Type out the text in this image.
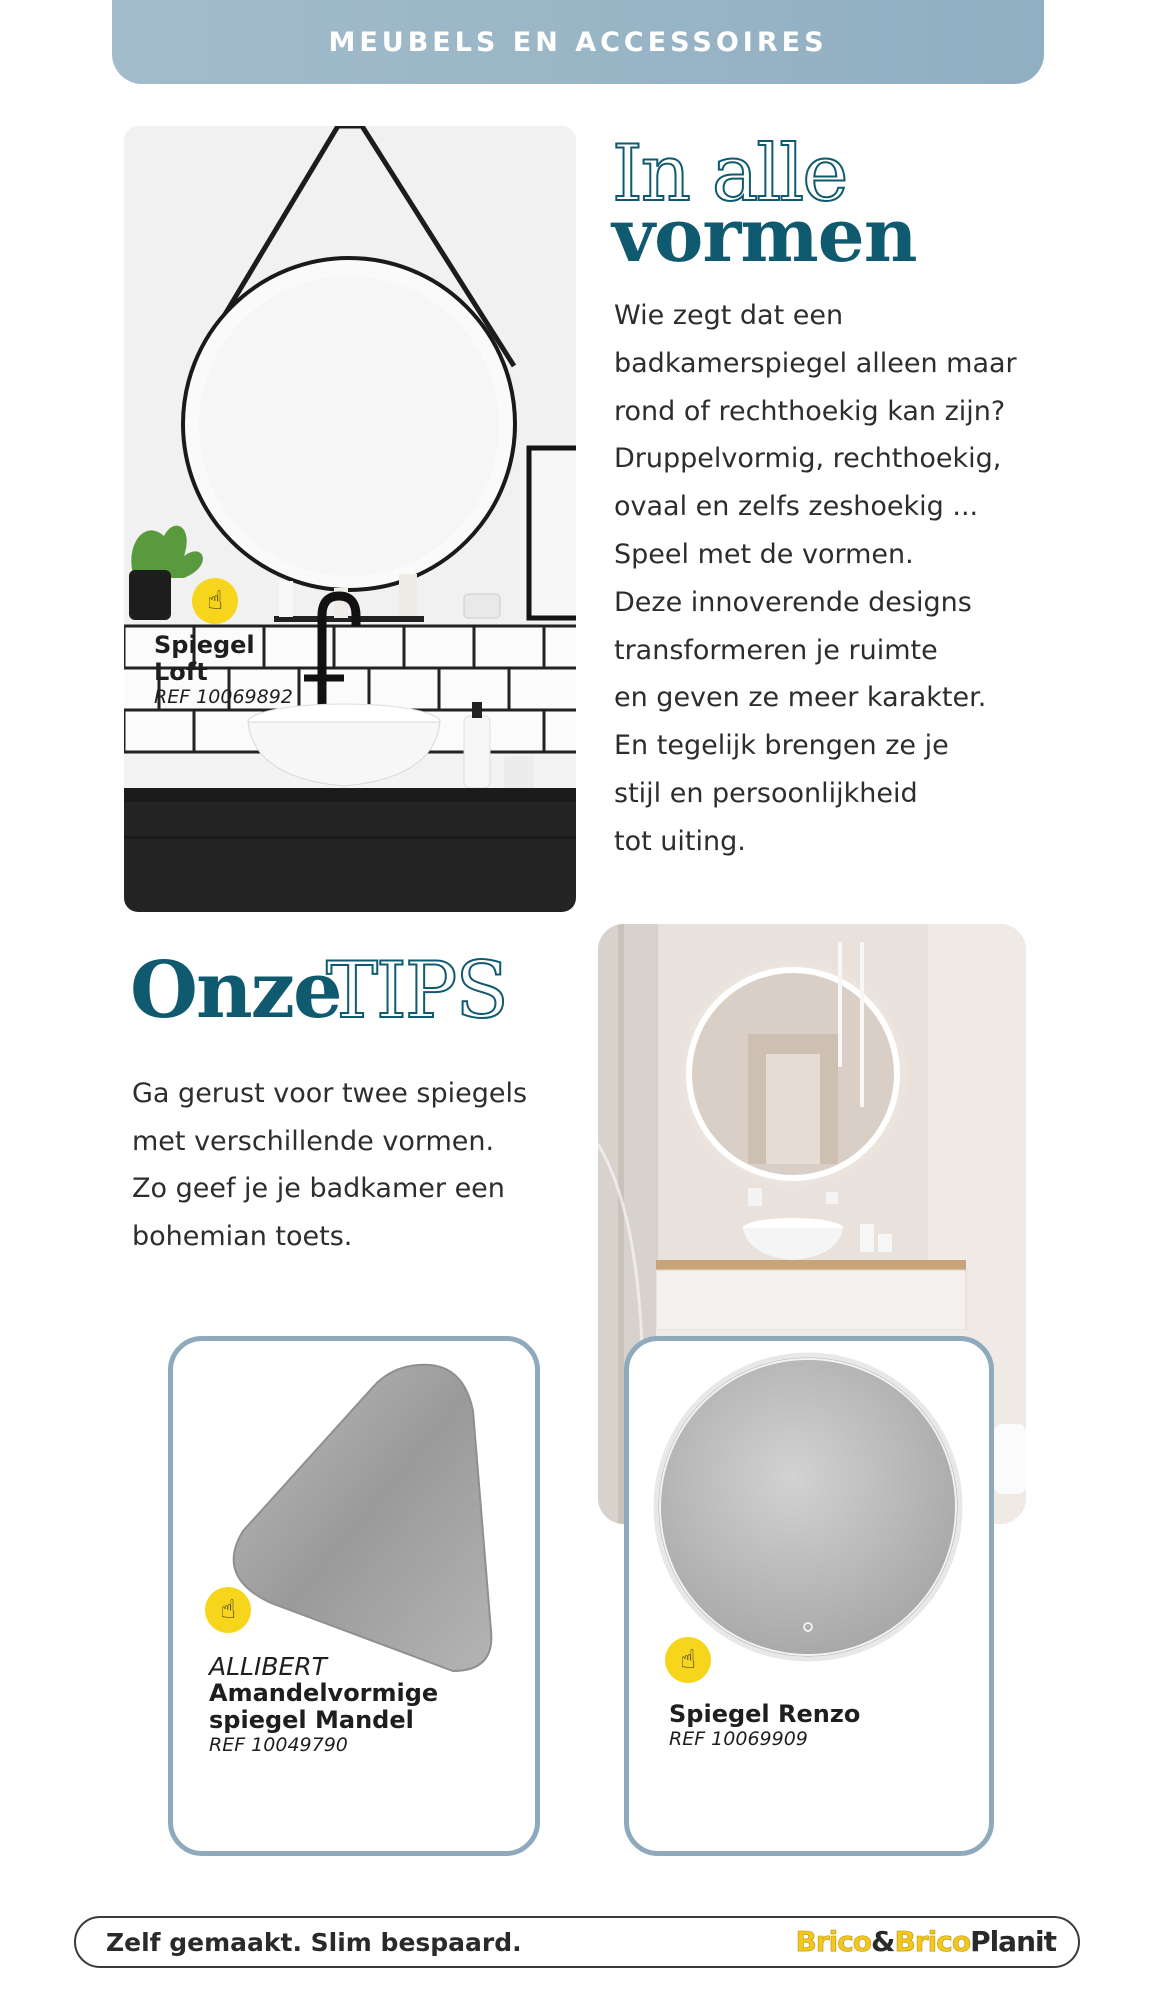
MEUBELS EN ACCESSOIRES
☝
Spiegel
Loft
REF 10069892
In alle
vormen
Wie zegt dat een
badkamerspiegel alleen maar
rond of rechthoekig kan zijn?
Druppelvormig, rechthoekig,
ovaal en zelfs zeshoekig ...
Speel met de vormen.
Deze innoverende designs
transformeren je ruimte
en geven ze meer karakter.
En tegelijk brengen ze je
stijl en persoonlijkheid
tot uiting.
Onze
TIPS
Ga gerust voor twee spiegels
met verschillende vormen.
Zo geef je je badkamer een
bohemian toets.
☝
ALLIBERT
Amandelvormige
spiegel Mandel
REF 10049790
☝
Spiegel Renzo
REF 10069909
Zelf gemaakt. Slim bespaard.	Brico&BricoPlanit
